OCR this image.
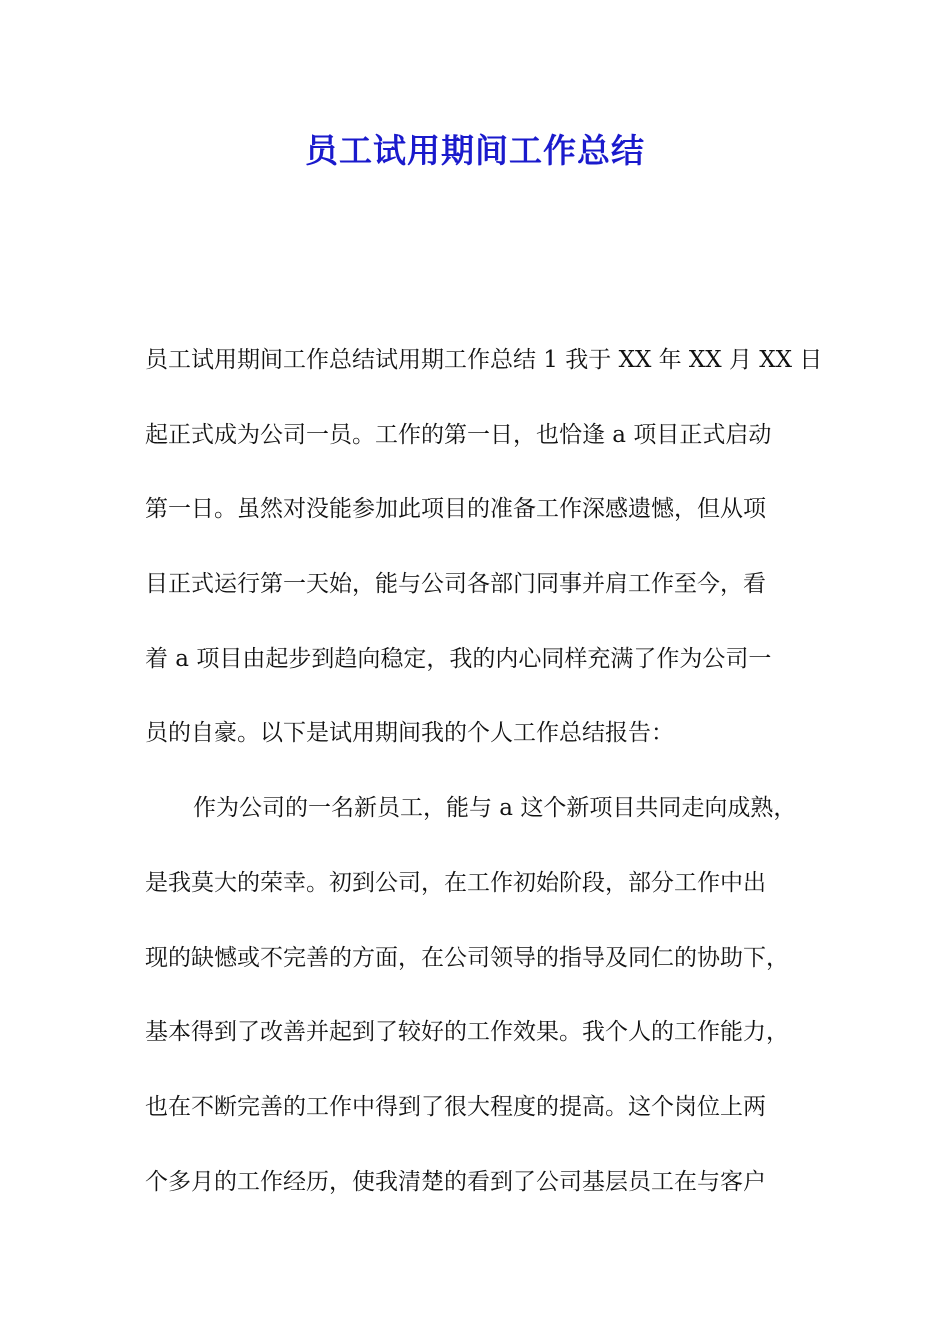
员工试用期间工作总结
员工试用期间工作总结试用期工作总结 1 我于 XX 年 XX 月 XX 日
起正式成为公司一员。工作的第一日，也恰逢 a 项目正式启动
第一日。虽然对没能参加此项目的准备工作深感遗憾，但从项
目正式运行第一天始，能与公司各部门同事并肩工作至今，看
着 a 项目由起步到趋向稳定，我的内心同样充满了作为公司一
员的自豪。以下是试用期间我的个人工作总结报告：
作为公司的一名新员工，能与 a 这个新项目共同走向成熟，
是我莫大的荣幸。初到公司，在工作初始阶段，部分工作中出
现的缺憾或不完善的方面，在公司领导的指导及同仁的协助下，
基本得到了改善并起到了较好的工作效果。我个人的工作能力，
也在不断完善的工作中得到了很大程度的提高。这个岗位上两
个多月的工作经历，使我清楚的看到了公司基层员工在与客户
